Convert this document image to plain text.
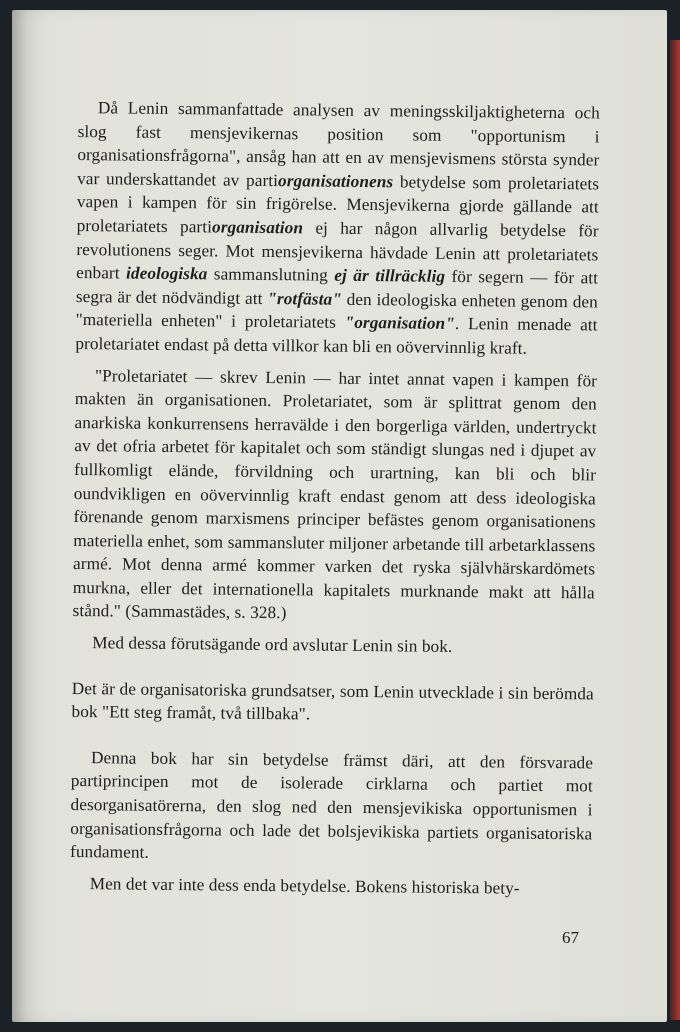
Då Lenin sammanfattade analysen av meningsskiljaktigheterna och slog fast mensjevikernas position som "opportunism i organisationsfrågorna", ansåg han att en av mensjevismens största synder var underskattandet av partiorganisationens betydelse som proletariatets vapen i kampen för sin frigörelse. Mensjevikerna gjorde gällande att proletariatets partiorganisation ej har någon allvarlig betydelse för revolutionens seger. Mot mensjevikerna hävdade Lenin att proletariatets enbart ideologiska sammanslutning ej är tillräcklig för segern — för att segra är det nödvändigt att "rotfästa" den ideologiska enheten genom den "materiella enheten" i proletariatets "organisation". Lenin menade att proletariatet endast på detta villkor kan bli en oövervinnlig kraft.

"Proletariatet — skrev Lenin — har intet annat vapen i kampen för makten än organisationen. Proletariatet, som är splittrat genom den anarkiska konkurrensens herravälde i den borgerliga världen, undertryckt av det ofria arbetet för kapitalet och som ständigt slungas ned i djupet av fullkomligt elände, förvildning och urartning, kan bli och blir oundvikligen en oövervinnlig kraft endast genom att dess ideologiska förenande genom marxismens principer befästes genom organisationens materiella enhet, som sammansluter miljoner arbetande till arbetarklassens armé. Mot denna armé kommer varken det ryska självhärskardömets murkna, eller det internationella kapitalets murknande makt att hålla stånd." (Sammastädes, s. 328.)

Med dessa förutsägande ord avslutar Lenin sin bok.

Det är de organisatoriska grundsatser, som Lenin utvecklade i sin berömda bok "Ett steg framåt, två tillbaka".

Denna bok har sin betydelse främst däri, att den försvarade partiprincipen mot de isolerade cirklarna och partiet mot desorganisatörerna, den slog ned den mensjevikiska opportunismen i organisationsfrågorna och lade det bolsjevikiska partiets organisatoriska fundament.

Men det var inte dess enda betydelse. Bokens historiska bety-

67
